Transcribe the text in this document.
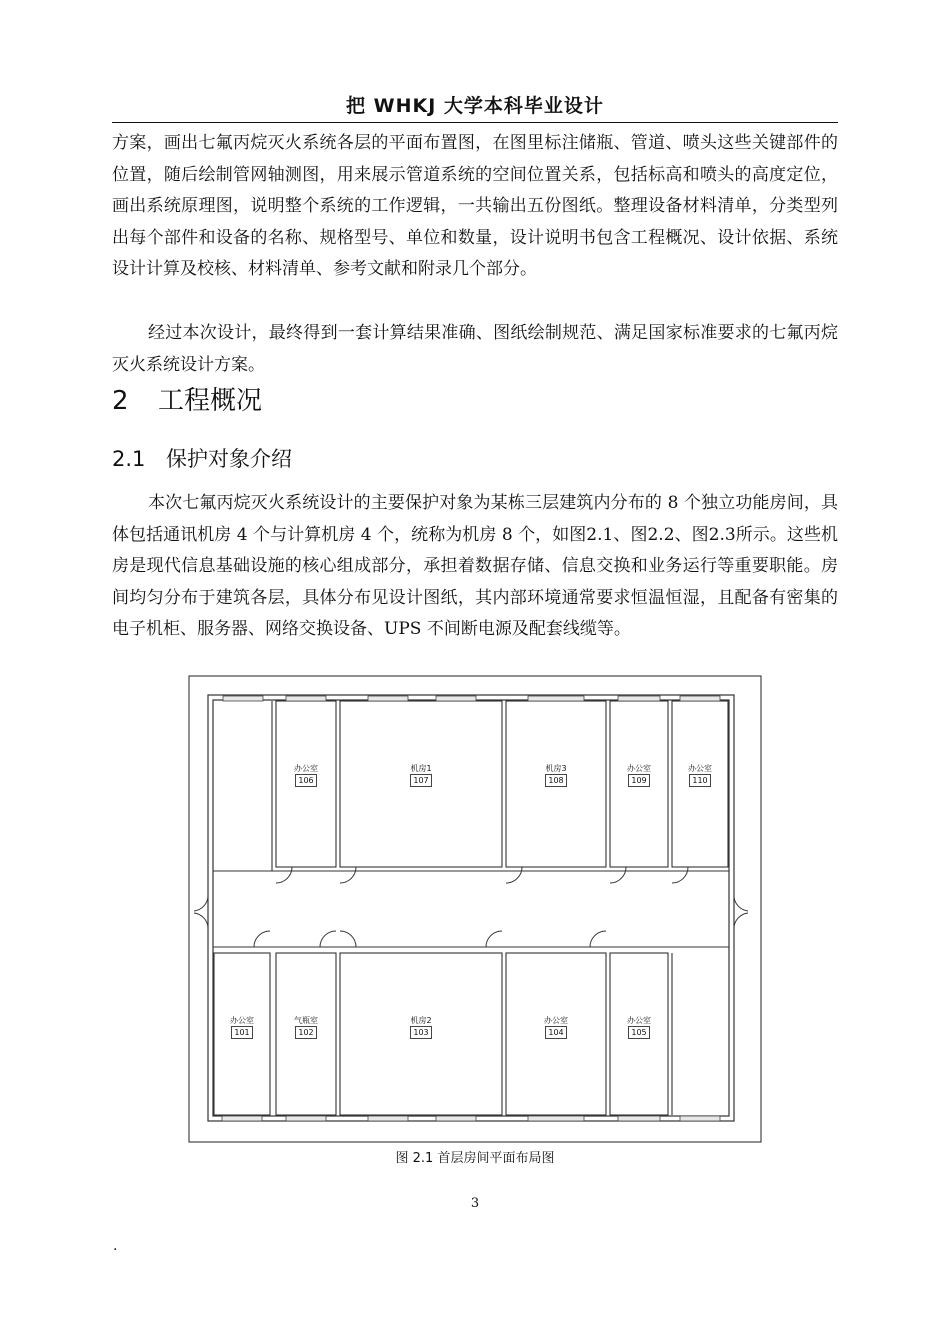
把 WHKJ 大学本科毕业设计

方案，画出七氟丙烷灭火系统各层的平面布置图，在图里标注储瓶、管道、喷头这些关键部件的位置，随后绘制管网轴测图，用来展示管道系统的空间位置关系，包括标高和喷头的高度定位，画出系统原理图，说明整个系统的工作逻辑，一共输出五份图纸。整理设备材料清单，分类型列出每个部件和设备的名称、规格型号、单位和数量，设计说明书包含工程概况、设计依据、系统设计计算及校核、材料清单、参考文献和附录几个部分。

经过本次设计，最终得到一套计算结果准确、图纸绘制规范、满足国家标准要求的七氟丙烷灭火系统设计方案。

2 工程概况
2.1 保护对象介绍

本次七氟丙烷灭火系统设计的主要保护对象为某栋三层建筑内分布的 8 个独立功能房间，具体包括通讯机房 4 个与计算机房 4 个，统称为机房 8 个，如图2.1、图2.2、图2.3所示。这些机房是现代信息基础设施的核心组成部分，承担着数据存储、信息交换和业务运行等重要职能。房间均匀分布于建筑各层，具体分布见设计图纸，其内部环境通常要求恒温恒湿，且配备有密集的电子机柜、服务器、网络交换设备、UPS 不间断电源及配套线缆等。

办公室
106
机房1
107
机房3
108
办公室
109
办公室
110
办公室
101
气瓶室
102
机房2
103
办公室
104
办公室
105
图 2.1 首层房间平面布局图
3
.
